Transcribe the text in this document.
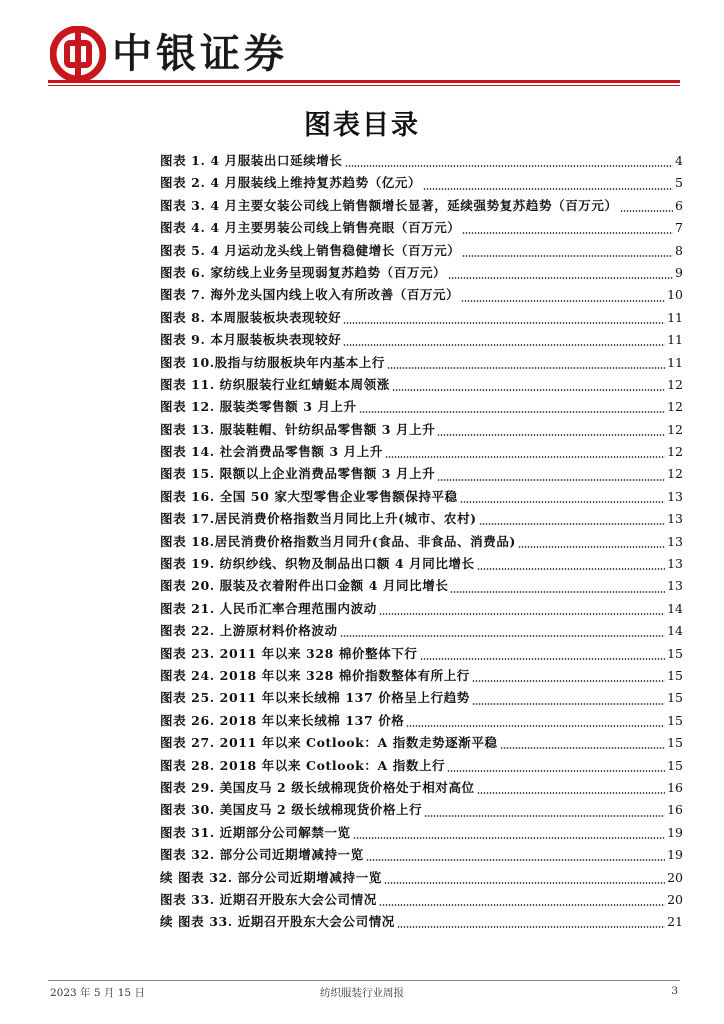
中银证券
图表目录
图表 1. 4 月服装出口延续增长	4
图表 2. 4 月服装线上维持复苏趋势（亿元）	5
图表 3. 4 月主要女装公司线上销售额增长显著，延续强势复苏趋势（百万元）	6
图表 4. 4 月主要男装公司线上销售亮眼（百万元）	7
图表 5. 4 月运动龙头线上销售稳健增长（百万元）	8
图表 6. 家纺线上业务呈现弱复苏趋势（百万元）	9
图表 7. 海外龙头国内线上收入有所改善（百万元）	10
图表 8. 本周服装板块表现较好	11
图表 9. 本月服装板块表现较好	11
图表 10.股指与纺服板块年内基本上行	11
图表 11. 纺织服装行业红蜻蜓本周领涨	12
图表 12. 服装类零售额 3 月上升	12
图表 13. 服装鞋帽、针纺织品零售额 3 月上升	12
图表 14. 社会消费品零售额 3 月上升	12
图表 15. 限额以上企业消费品零售额 3 月上升	12
图表 16. 全国 50 家大型零售企业零售额保持平稳	13
图表 17.居民消费价格指数当月同比上升(城市、农村)	13
图表 18.居民消费价格指数当月同升(食品、非食品、消费品)	13
图表 19. 纺织纱线、织物及制品出口额 4 月同比增长	13
图表 20. 服装及衣着附件出口金额 4 月同比增长	13
图表 21. 人民币汇率合理范围内波动	14
图表 22. 上游原材料价格波动	14
图表 23. 2011 年以来 328 棉价整体下行	15
图表 24. 2018 年以来 328 棉价指数整体有所上行	15
图表 25. 2011 年以来长绒棉 137 价格呈上行趋势	15
图表 26. 2018 年以来长绒棉 137 价格	15
图表 27. 2011 年以来 Cotlook：A 指数走势逐渐平稳	15
图表 28. 2018 年以来 Cotlook：A 指数上行	15
图表 29. 美国皮马 2 级长绒棉现货价格处于相对高位	16
图表 30. 美国皮马 2 级长绒棉现货价格上行	16
图表 31. 近期部分公司解禁一览	19
图表 32. 部分公司近期增减持一览	19
续 图表 32. 部分公司近期增减持一览	20
图表 33. 近期召开股东大会公司情况	20
续 图表 33. 近期召开股东大会公司情况	21
2023 年 5 月 15 日	纺织服装行业周报	3
